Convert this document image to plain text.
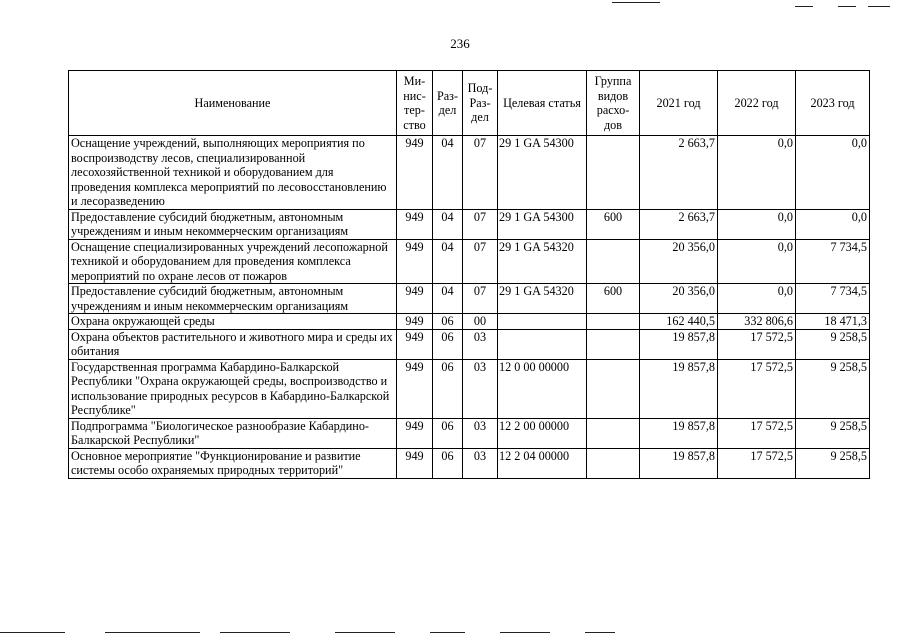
236
Наименование	Ми-нис-тер-ство	Раз-дел	Под-Раз-дел	Целевая статья	Группа видов расхо-дов	2021 год	2022 год	2023 год
Оснащение учреждений, выполняющих мероприятия по воспроизводству лесов, специализированной лесохозяйственной техникой и оборудованием для проведения комплекса мероприятий по лесовосстановлению и лесоразведению	949	04	07	29 1 GA 54300		2 663,7	0,0	0,0
Предоставление субсидий бюджетным, автономным учреждениям и иным некоммерческим организациям	949	04	07	29 1 GA 54300	600	2 663,7	0,0	0,0
Оснащение специализированных учреждений лесопожарной техникой и оборудованием для проведения комплекса мероприятий по охране лесов от пожаров	949	04	07	29 1 GA 54320		20 356,0	0,0	7 734,5
Предоставление субсидий бюджетным, автономным учреждениям и иным некоммерческим организациям	949	04	07	29 1 GA 54320	600	20 356,0	0,0	7 734,5
Охрана окружающей среды	949	06	00			162 440,5	332 806,6	18 471,3
Охрана объектов растительного и животного мира и среды их обитания	949	06	03			19 857,8	17 572,5	9 258,5
Государственная программа Кабардино-Балкарской Республики "Охрана окружающей среды, воспроизводство и использование природных ресурсов в Кабардино-Балкарской Республике"	949	06	03	12 0 00 00000		19 857,8	17 572,5	9 258,5
Подпрограмма "Биологическое разнообразие Кабардино-Балкарской Республики"	949	06	03	12 2 00 00000		19 857,8	17 572,5	9 258,5
Основное мероприятие "Функционирование и развитие системы особо охраняемых природных территорий"	949	06	03	12 2 04 00000		19 857,8	17 572,5	9 258,5
